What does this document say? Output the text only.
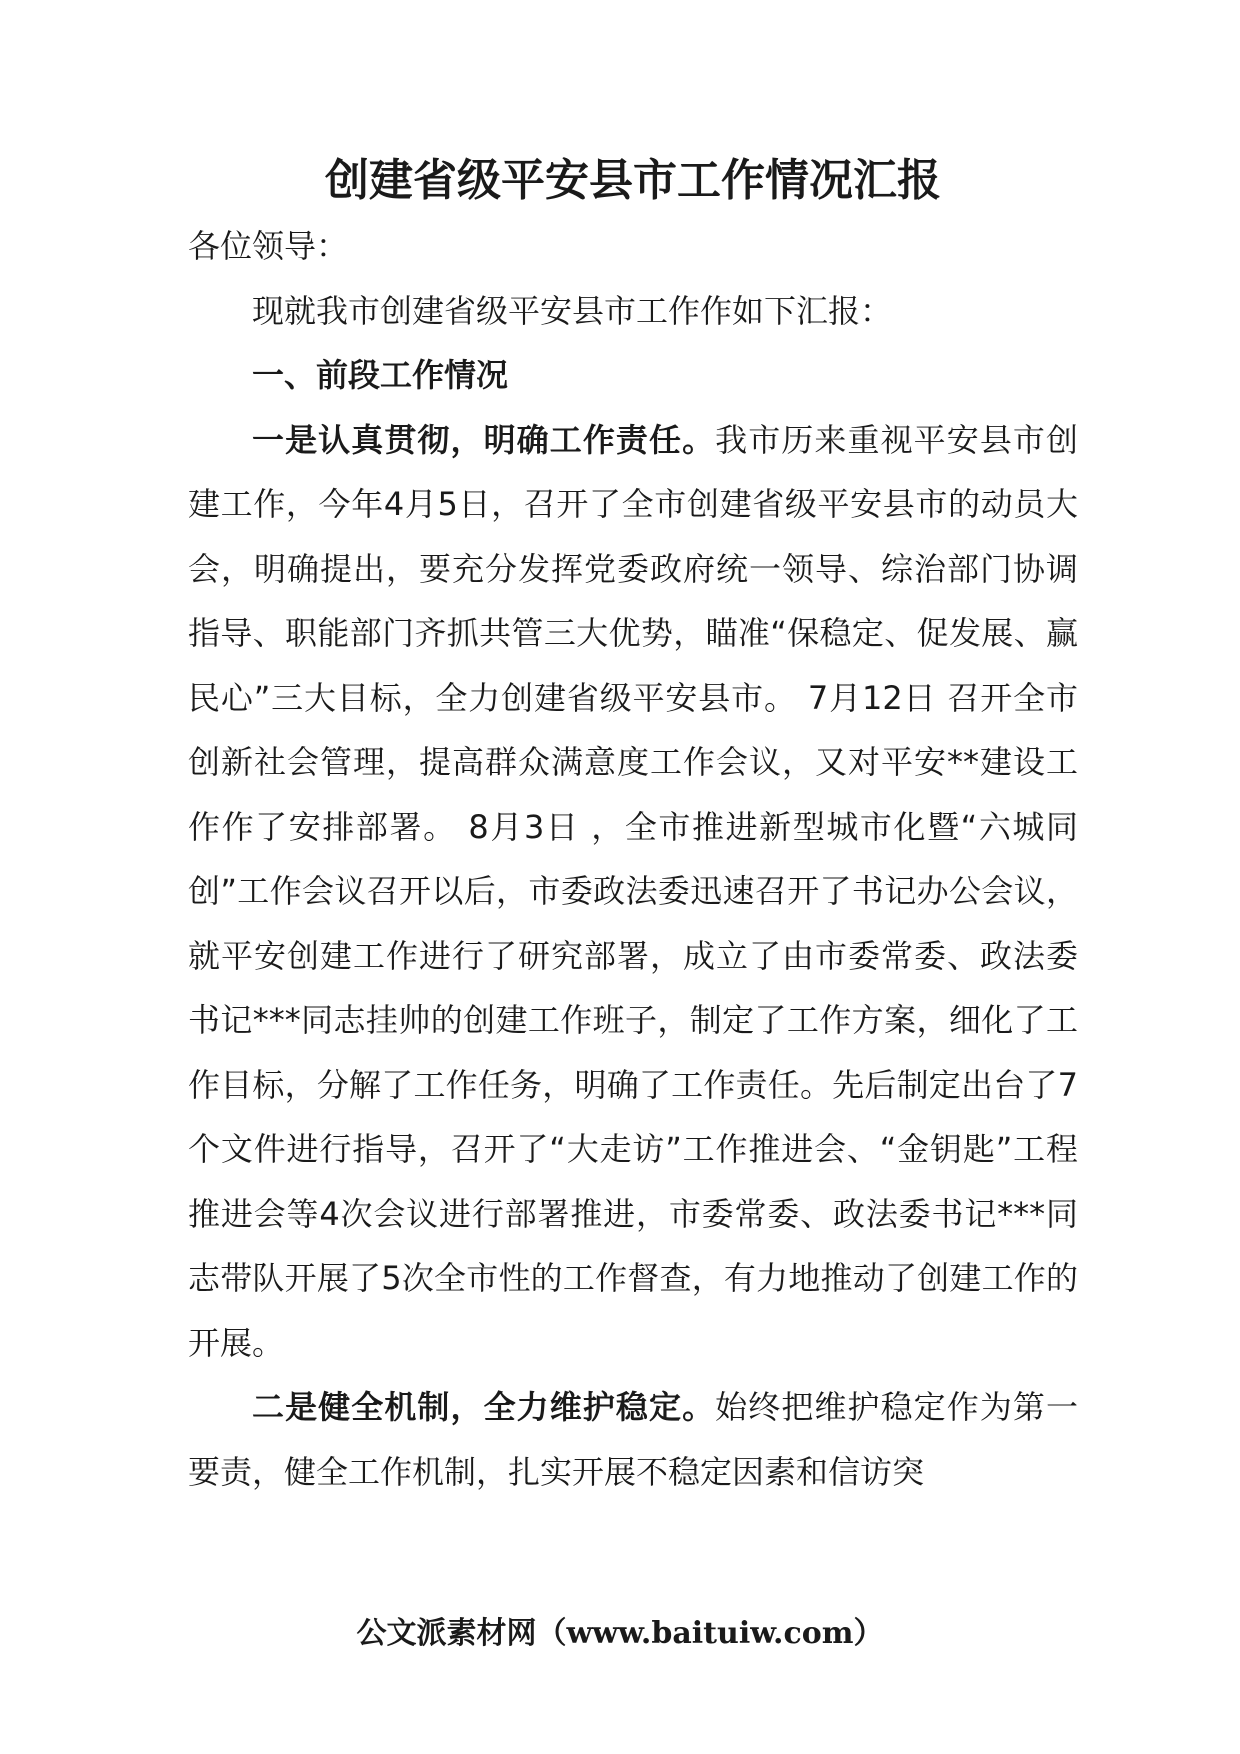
创建省级平安县市工作情况汇报

各位领导：

现就我市创建省级平安县市工作作如下汇报：

一、前段工作情况

一是认真贯彻，明确工作责任。我市历来重视平安县市创建工作，今年4月5日，召开了全市创建省级平安县市的动员大会，明确提出，要充分发挥党委政府统一领导、综治部门协调指导、职能部门齐抓共管三大优势，瞄准“保稳定、促发展、赢民心”三大目标，全力创建省级平安县市。 7月12日 召开全市创新社会管理，提高群众满意度工作会议，又对平安**建设工作作了安排部署。 8月3日 ，全市推进新型城市化暨“六城同创”工作会议召开以后，市委政法委迅速召开了书记办公会议，就平安创建工作进行了研究部署，成立了由市委常委、政法委书记***同志挂帅的创建工作班子，制定了工作方案，细化了工作目标，分解了工作任务，明确了工作责任。先后制定出台了7个文件进行指导，召开了“大走访”工作推进会、“金钥匙”工程推进会等4次会议进行部署推进，市委常委、政法委书记***同志带队开展了5次全市性的工作督查，有力地推动了创建工作的开展。

二是健全机制，全力维护稳定。始终把维护稳定作为第一要责，健全工作机制，扎实开展不稳定因素和信访突

公文派素材网（www.baituiw.com）
